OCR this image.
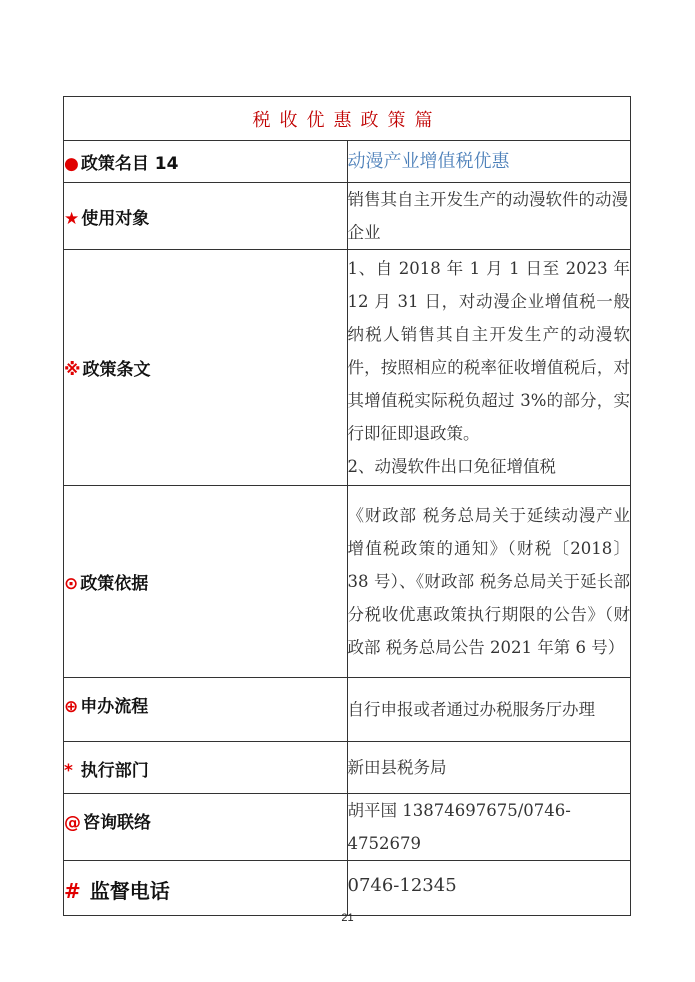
税收优惠政策篇	
● 政策名目 14	动漫产业增值税优惠
★ 使用对象	销售其自主开发生产的动漫软件的动漫企业
※ 政策条文	1、自 2018 年 1 月 1 日至 2023 年 12 月 31 日，对动漫企业增值税一般纳税人销售其自主开发生产的动漫软件，按照相应的税率征收增值税后，对其增值税实际税负超过 3%的部分，实行即征即退政策。

2、动漫软件出口免征增值税

⊙ 政策依据	《财政部 税务总局关于延续动漫产业增值税政策的通知》（财税〔2018〕38 号）、《财政部 税务总局关于延长部分税收优惠政策执行期限的公告》（财政部 税务总局公告 2021 年第 6 号）

⊕ 申办流程	自行申报或者通过办税服务厅办理
* 执行部门	新田县税务局
@ 咨询联络	胡平国 13874697675/0746-4752679
# 监督电话	0746-12345
21
